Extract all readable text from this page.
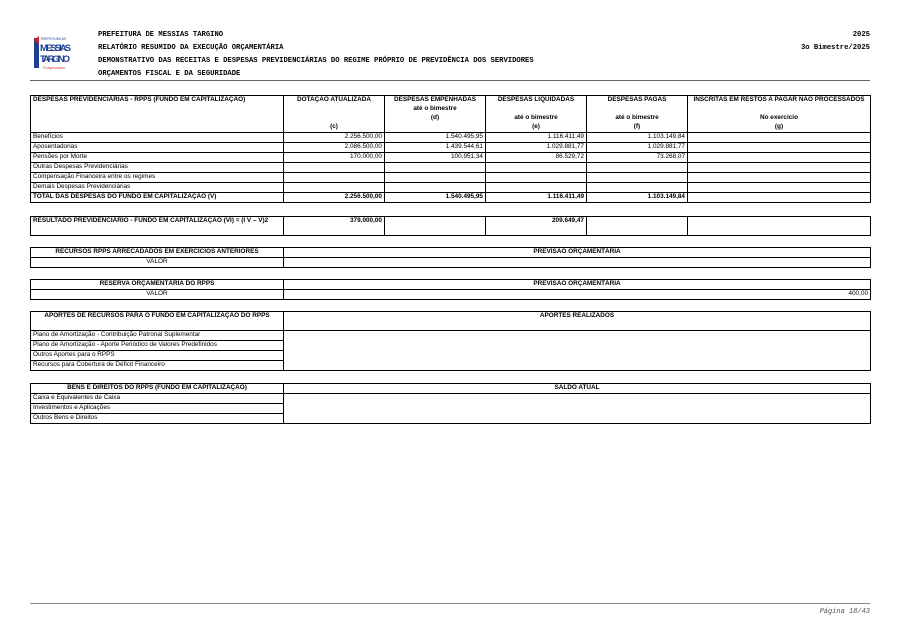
PREFEITURA DE
MESSIAS
TARGINO
Compromisso
PREFEITURA DE MESSIAS TARGINO
RELATÓRIO RESUMIDO DA EXECUÇÃO ORÇAMENTÁRIA
DEMONSTRATIVO DAS RECEITAS E DESPESAS PREVIDENCIÁRIAS DO REGIME PRÓPRIO DE PREVIDÊNCIA DOS SERVIDORES
ORÇAMENTOS FISCAL E DA SEGURIDADE
2025
3o Bimestre/2025
DESPESAS PREVIDENCIÁRIAS - RPPS (FUNDO EM CAPITALIZAÇÃO)	DOTAÇÃO ATUALIZADA	DESPESAS EMPENHADAS	DESPESAS LIQUIDADAS	DESPESAS PAGAS	INSCRITAS EM RESTOS A PAGAR NÃO PROCESSADOS
		até o bimestre			
		(d)	até o bimestre	até o bimestre	No exercício
	(c)		(e)	(f)	(g)
Benefícios	2.256.500,00	1.540.495,95	1.116.411,49	1.103.149,84	
Aposentadorias	2.086.500,00	1.439.544,61	1.029.881,77	1.029.881,77	
Pensões por Morte	170.000,00	100.951,34	86.529,72	73.268,07	
Outras Despesas Previdenciárias					
Compensação Financeira entre os regimes					
Demais Despesas Previdenciárias					
TOTAL DAS DESPESAS DO FUNDO EM CAPITALIZAÇÃO (V)	2.256.500,00	1.540.495,95	1.116.411,49	1.103.149,84	
RESULTADO PREVIDENCIÁRIO - FUNDO EM CAPITALIZAÇÃO (VI) = (I V – V)2	379.000,00		209.649,47		
RECURSOS RPPS ARRECADADOS EM EXERCÍCIOS ANTERIORES	PREVISÃO ORÇAMENTÁRIA
VALOR	
RESERVA ORÇAMENTÁRIA DO RPPS	PREVISÃO ORÇAMENTÁRIA
VALOR	400,00
APORTES DE RECURSOS PARA O FUNDO EM CAPITALIZAÇÃO DO RPPS	APORTES REALIZADOS
Plano de Amortização - Contribuição Patronal Suplementar	
Plano de Amortização - Aporte Periódico de Valores Predefinidos	
Outros Aportes para o RPPS	
Recursos para Cobertura de Déficit Financeiro	
BENS E DIREITOS DO RPPS (FUNDO EM CAPITALIZAÇÃO)	SALDO ATUAL
Caixa e Equivalentes de Caixa	
Investimentos e Aplicações	
Outros Bens e Direitos	
Página 18/43
